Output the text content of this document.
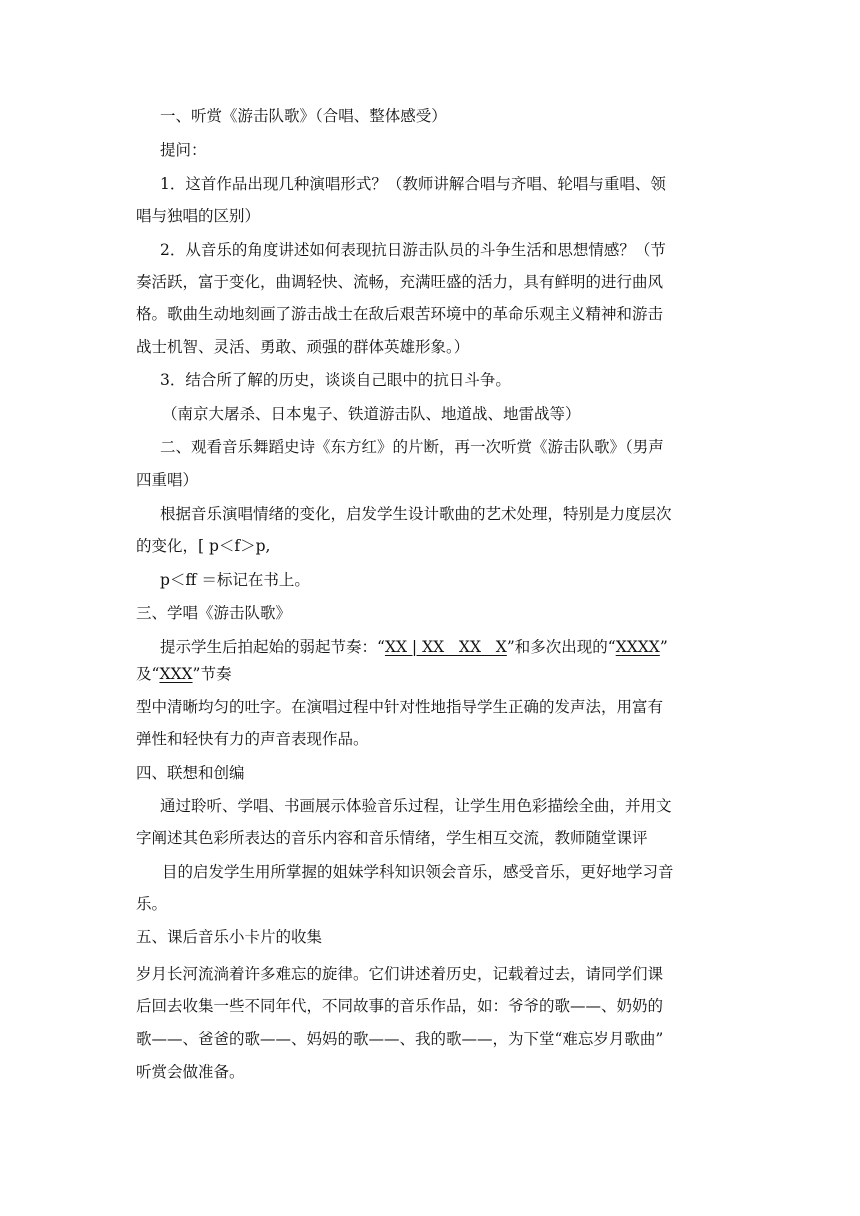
一、听赏《游击队歌》（合唱、整体感受）
提问：
1．这首作品出现几种演唱形式？（教师讲解合唱与齐唱、轮唱与重唱、领
唱与独唱的区别）
2．从音乐的角度讲述如何表现抗日游击队员的斗争生活和思想情感？（节
奏活跃，富于变化，曲调轻快、流畅，充满旺盛的活力，具有鲜明的进行曲风
格。歌曲生动地刻画了游击战士在敌后艰苦环境中的革命乐观主义精神和游击
战士机智、灵活、勇敢、顽强的群体英雄形象。）
3．结合所了解的历史，谈谈自己眼中的抗日斗争。
（南京大屠杀、日本鬼子、铁道游击队、地道战、地雷战等）
二、观看音乐舞蹈史诗《东方红》的片断，再一次听赏《游击队歌》（男声
四重唱）
根据音乐演唱情绪的变化，启发学生设计歌曲的艺术处理，特别是力度层次
的变化，[ p＜f＞p,
p＜ff ＝标记在书上。
三、学唱《游击队歌》
提示学生后拍起始的弱起节奏：“XX | XX   XX   X”和多次出现的“XXXX”
及“XXX”节奏
型中清晰均匀的吐字。在演唱过程中针对性地指导学生正确的发声法，用富有
弹性和轻快有力的声音表现作品。
四、联想和创编
通过聆听、学唱、书画展示体验音乐过程，让学生用色彩描绘全曲，并用文
字阐述其色彩所表达的音乐内容和音乐情绪，学生相互交流，教师随堂课评
目的启发学生用所掌握的姐妹学科知识领会音乐，感受音乐，更好地学习音
乐。
五、课后音乐小卡片的收集
岁月长河流淌着许多难忘的旋律。它们讲述着历史，记载着过去，请同学们课
后回去收集一些不同年代，不同故事的音乐作品，如：爷爷的歌——、奶奶的
歌——、爸爸的歌——、妈妈的歌——、我的歌——，为下堂“难忘岁月歌曲”
听赏会做准备。
